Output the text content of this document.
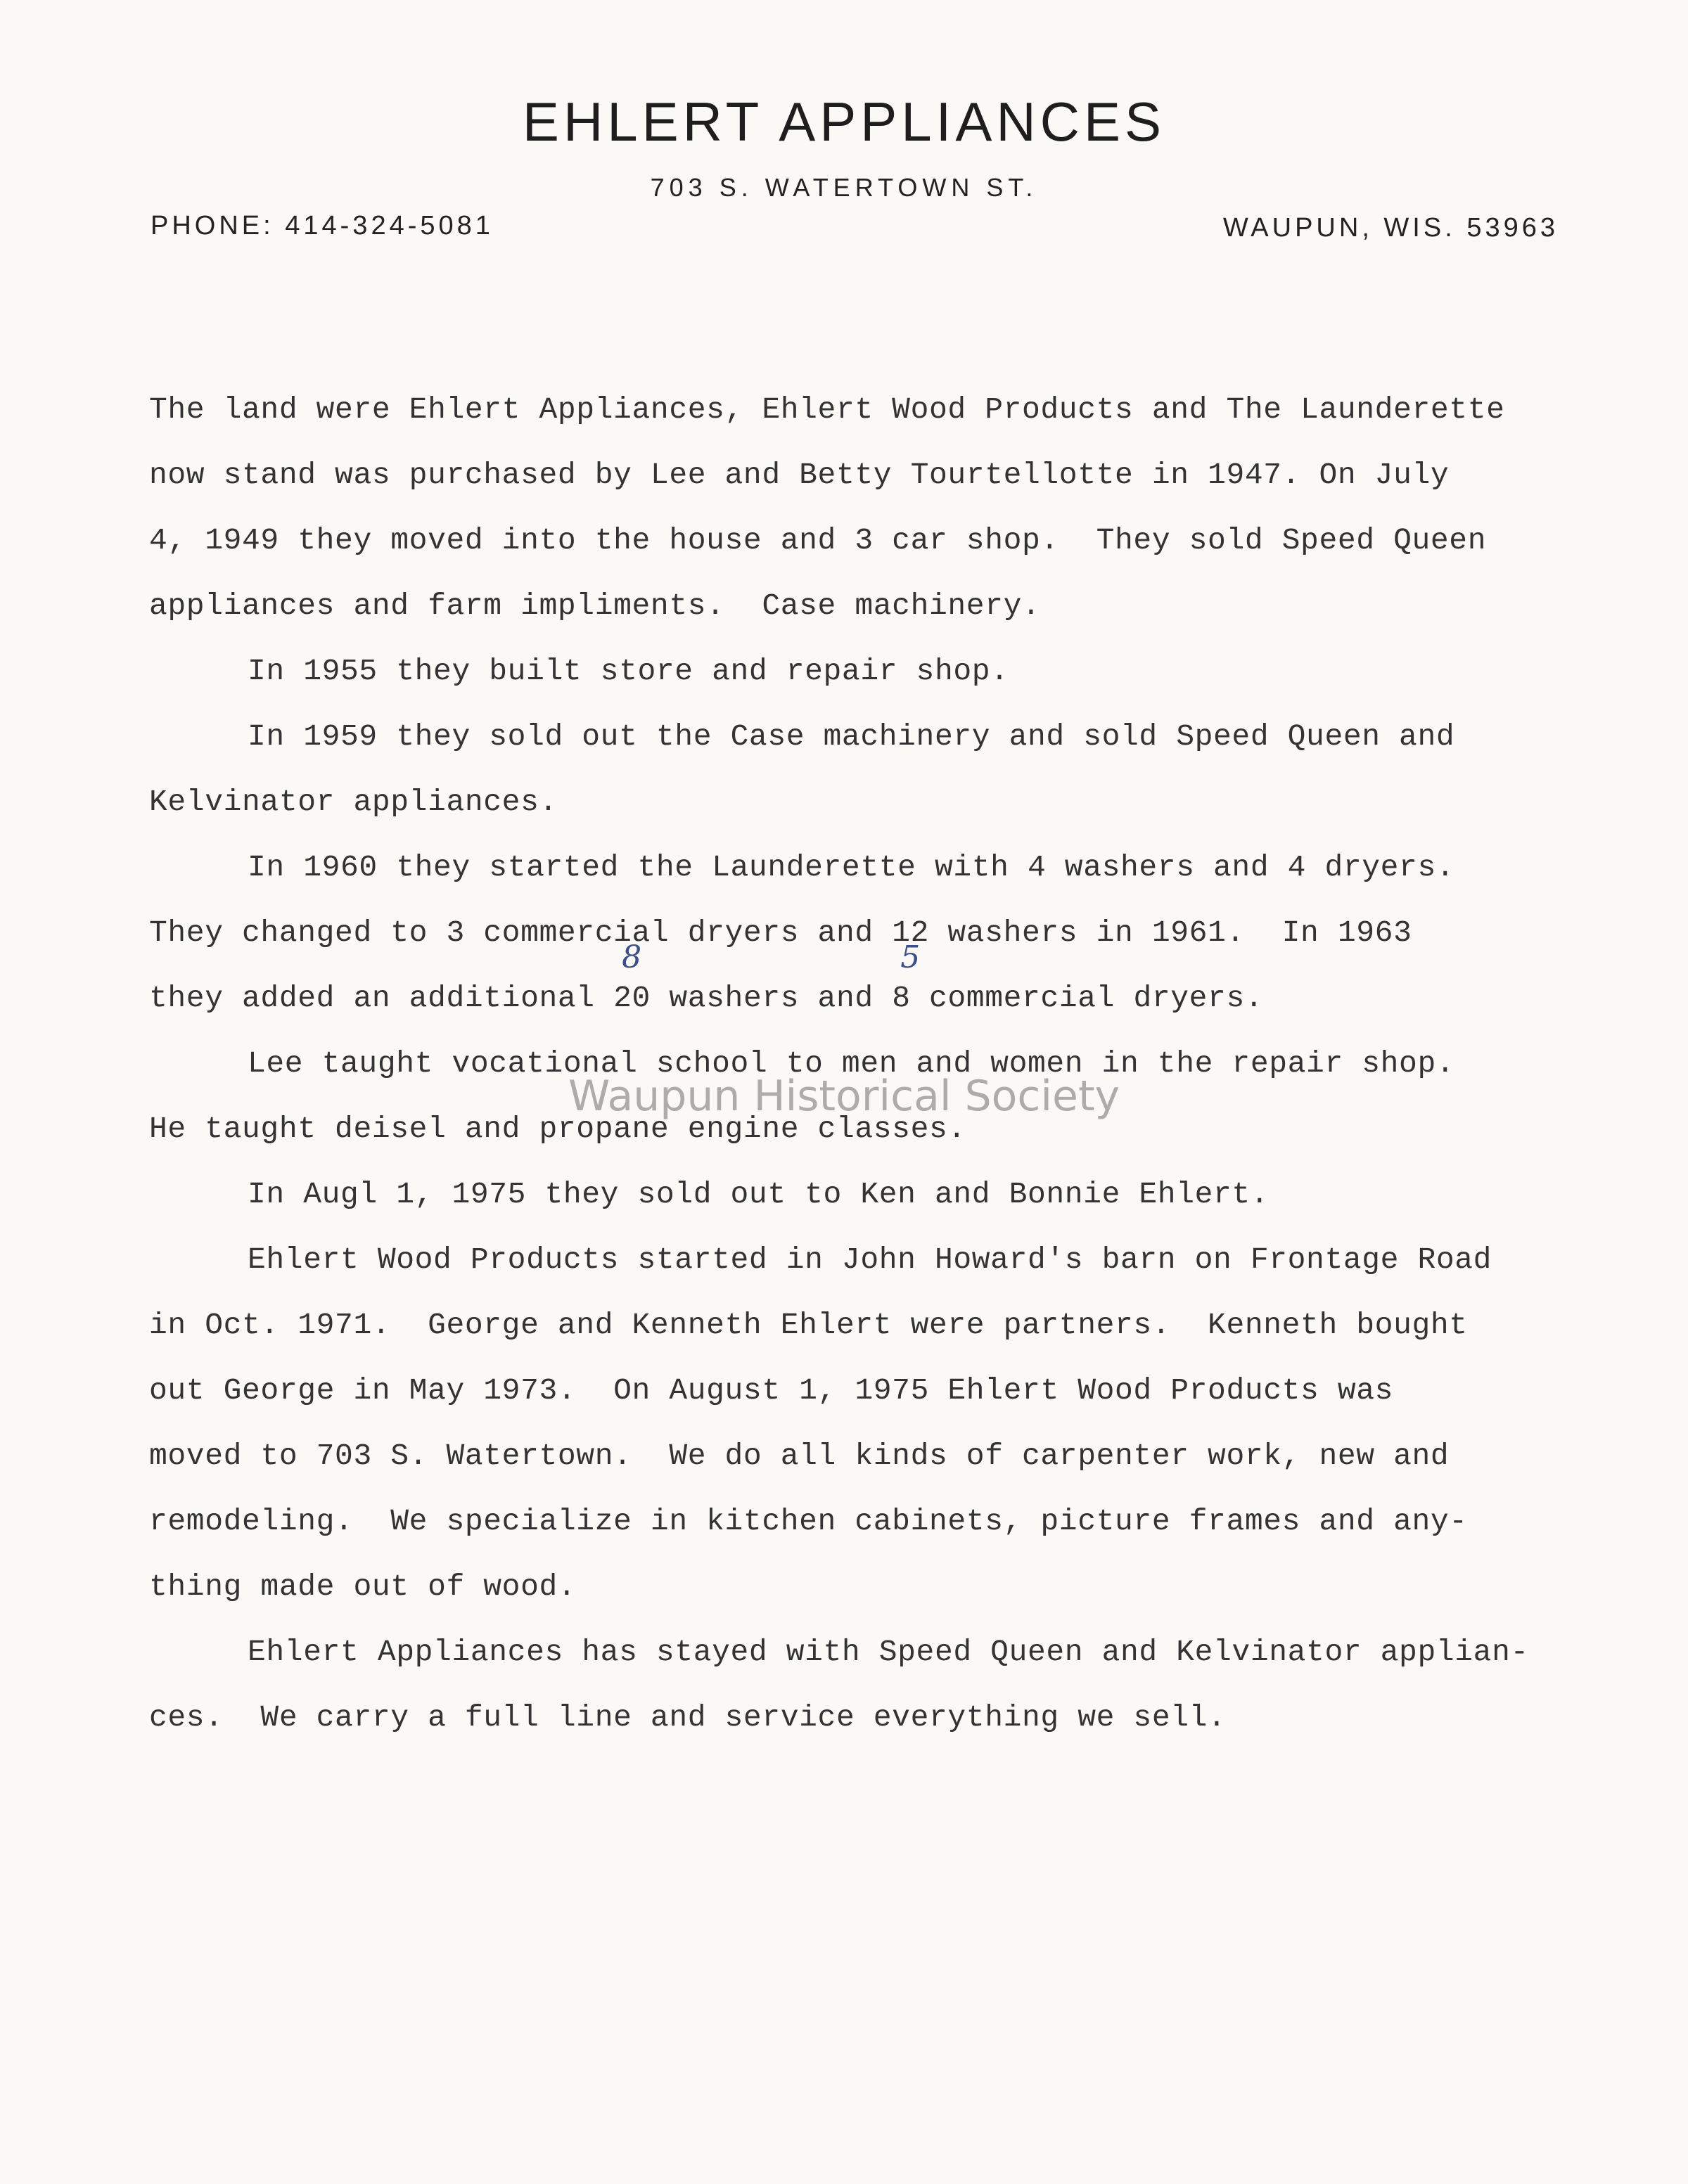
EHLERT APPLIANCES
703 S. WATERTOWN ST.
PHONE: 414-324-5081	WAUPUN, WIS. 53963
The land were Ehlert Appliances, Ehlert Wood Products and The Launderette
now stand was purchased by Lee and Betty Tourtellotte in 1947. On July
4, 1949 they moved into the house and 3 car shop.  They sold Speed Queen
appliances and farm impliments.  Case machinery.
In 1955 they built store and repair shop.
In 1959 they sold out the Case machinery and sold Speed Queen and
Kelvinator appliances.
In 1960 they started the Launderette with 4 washers and 4 dryers.
They changed to 3 commercial dryers and 12 washers in 1961.  In 1963
they added an additional 20
8
washers and 8
5
commercial dryers.
Lee taught vocational school to men and women in the repair shop.
He taught deisel and propane engine classes.
In Augl 1, 1975 they sold out to Ken and Bonnie Ehlert.
Ehlert Wood Products started in John Howard's barn on Frontage Road
in Oct. 1971.  George and Kenneth Ehlert were partners.  Kenneth bought
out George in May 1973.  On August 1, 1975 Ehlert Wood Products was
moved to 703 S. Watertown.  We do all kinds of carpenter work, new and
remodeling.  We specialize in kitchen cabinets, picture frames and any-
thing made out of wood.
Ehlert Appliances has stayed with Speed Queen and Kelvinator applian-
ces.  We carry a full line and service everything we sell.
Waupun Historical Society
